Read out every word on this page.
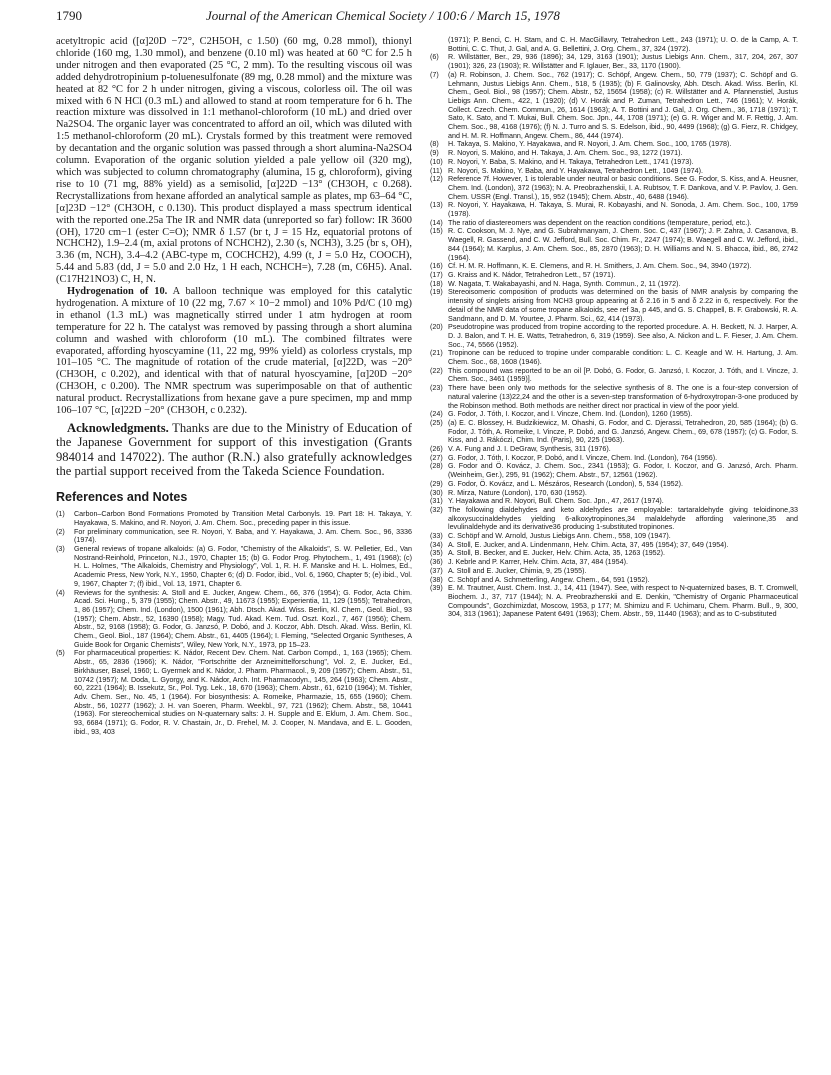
1790	Journal of the American Chemical Society / 100:6 / March 15, 1978

acetyltropic acid ([α]20D −72°, C2H5OH, c 1.50) (60 mg, 0.28 mmol), thionyl chloride (160 mg, 1.30 mmol), and benzene (0.10 ml) was heated at 60 °C for 2.5 h under nitrogen and then evaporated (25 °C, 2 mm). To the resulting viscous oil was added dehydrotropinium p-toluenesulfonate (89 mg, 0.28 mmol) and the mixture was heated at 82 °C for 2 h under nitrogen, giving a viscous, colorless oil. The oil was mixed with 6 N HCl (0.3 mL) and allowed to stand at room temperature for 6 h. The reaction mixture was dissolved in 1:1 methanol-chloroform (10 mL) and dried over Na2SO4. The organic layer was concentrated to afford an oil, which was diluted with 1:5 methanol-chloroform (20 mL). Crystals formed by this treatment were removed by decantation and the organic solution was passed through a short alumina-Na2SO4 column. Evaporation of the organic solution yielded a pale yellow oil (320 mg), which was subjected to column chromatography (alumina, 15 g, chloroform), giving rise to 10 (71 mg, 88% yield) as a semisolid, [α]22D −13° (CH3OH, c 0.268). Recrystallizations from hexane afforded an analytical sample as plates, mp 63–64 °C, [α]23D −12° (CH3OH, c 0.130). This product displayed a mass spectrum identical with the reported one.25a The IR and NMR data (unreported so far) follow: IR 3600 (OH), 1720 cm−1 (ester C=O); NMR δ 1.57 (br t, J = 15 Hz, equatorial protons of NCHCH2), 1.9–2.4 (m, axial protons of NCHCH2), 2.30 (s, NCH3), 3.25 (br s, OH), 3.36 (m, NCH), 3.4–4.2 (ABC-type m, COCHCH2), 4.99 (t, J = 5.0 Hz, COOCH), 5.44 and 5.83 (dd, J = 5.0 and 2.0 Hz, 1 H each, NCHCH=), 7.28 (m, C6H5). Anal. (C17H21NO3) C, H, N.

Hydrogenation of 10. A balloon technique was employed for this catalytic hydrogenation. A mixture of 10 (22 mg, 7.67 × 10−2 mmol) and 10% Pd/C (10 mg) in ethanol (1.3 mL) was magnetically stirred under 1 atm hydrogen at room temperature for 22 h. The catalyst was removed by passing through a short alumina column and washed with chloroform (10 mL). The combined filtrates were evaporated, affording hyoscyamine (11, 22 mg, 99% yield) as colorless crystals, mp 101–105 °C. The magnitude of rotation of the crude material, [α]22D, was −20° (CH3OH, c 0.202), and identical with that of natural hyoscyamine, [α]20D −20° (CH3OH, c 0.200). The NMR spectrum was superimposable on that of authentic natural product. Recrystallizations from hexane gave a pure specimen, mp and mmp 106–107 °C, [α]22D −20° (CH3OH, c 0.232).

Acknowledgments. Thanks are due to the Ministry of Education of the Japanese Government for support of this investigation (Grants 984014 and 147022). The author (R.N.) also gratefully acknowledges the partial support received from the Takeda Science Foundation.

References and Notes
(1)	Carbon–Carbon Bond Formations Promoted by Transition Metal Carbonyls. 19. Part 18: H. Takaya, Y. Hayakawa, S. Makino, and R. Noyori, J. Am. Chem. Soc., preceding paper in this issue.
(2)	For preliminary communication, see R. Noyori, Y. Baba, and Y. Hayakawa, J. Am. Chem. Soc., 96, 3336 (1974).
(3)	General reviews of tropane alkaloids: (a) G. Fodor, "Chemistry of the Alkaloids", S. W. Pelletier, Ed., Van Nostrand-Reinhold, Princeton, N.J., 1970, Chapter 15; (b) G. Fodor Prog. Phytochem., 1, 491 (1968); (c) H. L. Holmes, "The Alkaloids, Chemistry and Physiology", Vol. 1, R. H. F. Manske and H. L. Holmes, Ed., Academic Press, New York, N.Y., 1950, Chapter 6; (d) D. Fodor, ibid., Vol. 6, 1960, Chapter 5; (e) ibid., Vol. 9, 1967, Chapter 7; (f) ibid., Vol. 13, 1971, Chapter 6.
(4)	Reviews for the synthesis: A. Stoll and E. Jucker, Angew. Chem., 66, 376 (1954); G. Fodor, Acta Chim. Acad. Sci. Hung., 5, 379 (1955); Chem. Abstr., 49, 11673 (1955); Experientia, 11, 129 (1955); Tetrahedron, 1, 86 (1957); Chem. Ind. (London), 1500 (1961); Abh. Dtsch. Akad. Wiss. Berlin, Kl. Chem., Geol. Biol., 93 (1957); Chem. Abstr., 52, 16390 (1958); Magy. Tud. Akad. Kem. Tud. Oszt. Kozl., 7, 467 (1956); Chem. Abstr., 52, 9168 (1958); G. Fodor, G. Janzsó, P. Dobó, and J. Koczor, Abh. Dtsch. Akad. Wiss. Berlin, Kl. Chem., Geol. Biol., 187 (1964); Chem. Abstr., 61, 4405 (1964); I. Fleming, "Selected Organic Syntheses, A Guide Book for Organic Chemists", Wiley, New York, N.Y., 1973, pp 15–23.
(5)	For pharmaceutical properties: K. Nádor, Recent Dev. Chem. Nat. Carbon Compd., 1, 163 (1965); Chem. Abstr., 65, 2836 (1966); K. Nádor, "Fortschritte der Arzneimittelforschung", Vol. 2, E. Jucker, Ed., Birkhäuser, Basel, 1960; L. Gyermek and K. Nádor, J. Pharm. Pharmacol., 9, 209 (1957); Chem. Abstr., 51, 10742 (1957); M. Doda, L. Gyorgy, and K. Nádor, Arch. Int. Pharmacodyn., 145, 264 (1963); Chem. Abstr., 60, 2221 (1964); B. Issekutz, Sr., Pol. Tyg. Lek., 18, 670 (1963); Chem. Abstr., 61, 6210 (1964); M. Tishler, Adv. Chem. Ser., No. 45, 1 (1964). For biosynthesis: A. Romeike, Pharmazie, 15, 655 (1960); Chem. Abstr., 56, 10277 (1962); J. H. van Soeren, Pharm. Weekbl., 97, 721 (1962); Chem. Abstr., 58, 10441 (1963). For stereochemical studies on N-quaternary salts: J. H. Supple and E. Eklum, J. Am. Chem. Soc., 93, 6684 (1971); G. Fodor, R. V. Chastain, Jr., D. Frehel, M. J. Cooper, N. Mandava, and E. L. Gooden, ibid., 93, 403
(1971); P. Benci, C. H. Stam, and C. H. MacGillavry, Tetrahedron Lett., 243 (1971); U. O. de la Camp, A. T. Bottini, C. C. Thut, J. Gal, and A. G. Bellettini, J. Org. Chem., 37, 324 (1972).
(6)	R. Willstätter, Ber., 29, 936 (1896); 34, 129, 3163 (1901); Justus Liebigs Ann. Chem., 317, 204, 267, 307 (1901); 326, 23 (1903); R. Willstätter and F. Iglauer, Ber., 33, 1170 (1900).
(7)	(a) R. Robinson, J. Chem. Soc., 762 (1917); C. Schöpf, Angew. Chem., 50, 779 (1937); C. Schöpf and G. Lehmann, Justus Liebigs Ann. Chem., 518, 5 (1935); (b) F. Galinovsky, Abh. Dtsch. Akad. Wiss. Berlin, Kl. Chem., Geol. Biol., 98 (1957); Chem. Abstr., 52, 15654 (1958); (c) R. Willstätter and A. Pfannenstiel, Justus Liebigs Ann. Chem., 422, 1 (1920); (d) V. Horák and P. Zuman, Tetrahedron Lett., 746 (1961); V. Horák, Collect. Czech. Chem. Commun., 26, 1614 (1963); A. T. Bottini and J. Gal, J. Org. Chem., 36, 1718 (1971); T. Sato, K. Sato, and T. Mukai, Bull. Chem. Soc. Jpn., 44, 1708 (1971); (e) G. R. Wiger and M. F. Rettig, J. Am. Chem. Soc., 98, 4168 (1976); (f) N. J. Turro and S. S. Edelson, ibid., 90, 4499 (1968); (g) G. Fierz, R. Chidgey, and H. M. R. Hoffmann, Angew. Chem., 86, 444 (1974).
(8)	H. Takaya, S. Makino, Y. Hayakawa, and R. Noyori, J. Am. Chem. Soc., 100, 1765 (1978).
(9)	R. Noyori, S. Makino, and H. Takaya, J. Am. Chem. Soc., 93, 1272 (1971).
(10) R. Noyori, Y. Baba, S. Makino, and H. Takaya, Tetrahedron Lett., 1741 (1973).
(11) R. Noyori, S. Makino, Y. Baba, and Y. Hayakawa, Tetrahedron Lett., 1049 (1974).
(12) Reference 7f. However, 1 is tolerable under neutral or basic conditions. See G. Fodor, S. Kiss, and A. Heusner, Chem. Ind. (London), 372 (1963); N. A. Preobrazhenskii, I. A. Rubtsov, T. F. Dankova, and V. P. Pavlov, J. Gen. Chem. USSR (Engl. Transl.), 15, 952 (1945); Chem. Abstr., 40, 6488 (1946).
(13) R. Noyori, Y. Hayakawa, H. Takaya, S. Murai, R. Kobayashi, and N. Sonoda, J. Am. Chem. Soc., 100, 1759 (1978).
(14) The ratio of diastereomers was dependent on the reaction conditions (temperature, period, etc.).
(15) R. C. Cookson, M. J. Nye, and G. Subrahmanyam, J. Chem. Soc. C, 437 (1967); J. P. Zahra, J. Casanova, B. Waegell, R. Gassend, and C. W. Jefford, Bull. Soc. Chim. Fr., 2247 (1974); B. Waegell and C. W. Jefford, ibid., 844 (1964); M. Karplus, J. Am. Chem. Soc., 85, 2870 (1963); D. H. Williams and N. S. Bhacca, ibid., 86, 2742 (1964).
(16) Cf. H. M. R. Hoffmann, K. E. Clemens, and R. H. Smithers, J. Am. Chem. Soc., 94, 3940 (1972).
(17) G. Kraiss and K. Nádor, Tetrahedron Lett., 57 (1971).
(18) W. Nagata, T. Wakabayashi, and N. Haga, Synth. Commun., 2, 11 (1972).
(19) Stereoisomeric composition of products was determined on the basis of NMR analysis by comparing the intensity of singlets arising from NCH3 group appearing at δ 2.16 in 5 and δ 2.22 in 6, respectively. For the detail of the NMR data of some tropane alkaloids, see ref 3a, p 445, and G. S. Chappell, B. F. Grabowski, R. A. Sandmann, and D. M. Yourtee, J. Pharm. Sci., 62, 414 (1973).
(20) Pseudotropine was produced from tropine according to the reported procedure. A. H. Beckett, N. J. Harper, A. D. J. Balon, and T. H. E. Watts, Tetrahedron, 6, 319 (1959). See also, A. Nickon and L. F. Fieser, J. Am. Chem. Soc., 74, 5566 (1952).
(21) Tropinone can be reduced to tropine under comparable condition: L. C. Keagle and W. H. Hartung, J. Am. Chem. Soc., 68, 1608 (1946).
(22) This compound was reported to be an oil [P. Dobó, G. Fodor, G. Janzsó, I. Koczor, J. Tóth, and I. Vincze, J. Chem. Soc., 3461 (1959)].
(23) There have been only two methods for the selective synthesis of 8. The one is a four-step conversion of natural valerine (13)22,24 and the other is a seven-step transformation of 6-hydroxytropan-3-one produced by the Robinson method. Both methods are neither direct nor practical in view of the poor yield.
(24) G. Fodor, J. Tóth, I. Koczor, and I. Vincze, Chem. Ind. (London), 1260 (1955).
(25) (a) E. C. Blossey, H. Budzikiewicz, M. Ohashi, G. Fodor, and C. Djerassi, Tetrahedron, 20, 585 (1964); (b) G. Fodor, J. Tóth, A. Romeike, I. Vincze, P. Dobó, and G. Janzsó, Angew. Chem., 69, 678 (1957); (c) G. Fodor, S. Kiss, and J. Rákóczi, Chim. Ind. (Paris), 90, 225 (1963).
(26) V. A. Fung and J. I. DeGraw, Synthesis, 311 (1976).
(27) G. Fodor, J. Tóth, I. Koczor, P. Dobó, and I. Vincze, Chem. Ind. (London), 764 (1956).
(28) G. Fodor and Ö. Kovácz, J. Chem. Soc., 2341 (1953); G. Fodor, I. Koczor, and G. Janzsó, Arch. Pharm. (Weinheim, Ger.), 295, 91 (1962); Chem. Abstr., 57, 12561 (1962).
(29) G. Fodor, Ö. Kovácz, and L. Mészáros, Research (London), 5, 534 (1952).
(30) R. Mirza, Nature (London), 170, 630 (1952).
(31) Y. Hayakawa and R. Noyori, Bull. Chem. Soc. Jpn., 47, 2617 (1974).
(32) The following dialdehydes and keto aldehydes are employable: tartaraldehyde giving teloidinone,33 alkoxysuccinaldehydes yielding 6-alkoxytropinones,34 malaldehyde affording valerinone,35 and levulinaldehyde and its derivative36 producing 1-substituted tropinones.
(33) C. Schöpf and W. Arnold, Justus Liebigs Ann. Chem., 558, 109 (1947).
(34) A. Stoll, E. Jucker, and A. Lindenmann, Helv. Chim. Acta, 37, 495 (1954); 37, 649 (1954).
(35) A. Stoll, B. Becker, and E. Jucker, Helv. Chim. Acta, 35, 1263 (1952).
(36) J. Kebrle and P. Karrer, Helv. Chim. Acta, 37, 484 (1954).
(37) A. Stoll and E. Jucker, Chimia, 9, 25 (1955).
(38) C. Schöpf and A. Schmetterling, Angew. Chem., 64, 591 (1952).
(39) E. M. Trautner, Aust. Chem. Inst. J., 14, 411 (1947). See, with respect to N-quaternized bases, B. T. Cromwell, Biochem. J., 37, 717 (1944); N. A. Preobrazhenskii and E. Denkin, "Chemistry of Organic Pharmaceutical Compounds", Gozchimizdat, Moscow, 1953, p 177; M. Shimizu and F. Uchimaru, Chem. Pharm. Bull., 9, 300, 304, 313 (1961); Japanese Patent 6491 (1963); Chem. Abstr., 59, 11440 (1963); and as to C-substituted
